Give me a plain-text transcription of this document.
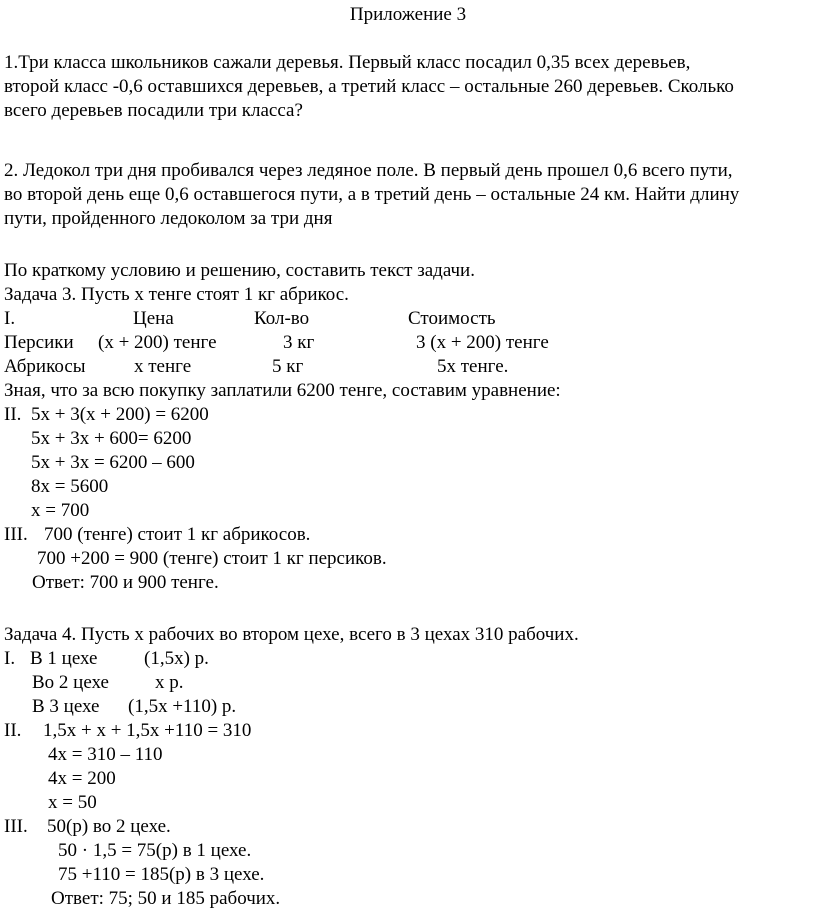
Приложение 3
1.Три класса школьников сажали деревья. Первый класс посадил 0,35 всех деревьев,
второй класс -0,6 оставшихся деревьев, а третий класс – остальные 260 деревьев. Сколько
всего деревьев посадили три класса?
2. Ледокол три дня пробивался через ледяное поле. В первый день прошел 0,6 всего пути,
во второй день еще 0,6 оставшегося пути, а в третий день – остальные 24 км. Найти длину
пути, пройденного ледоколом за три дня
По краткому условию и решению, составить текст задачи.
Задача 3. Пусть х тенге стоят 1 кг абрикос.
I.	Цена	Кол-во	Стоимость
Персики (х + 200) тенге	3 кг	3 (х + 200) тенге
Абрикосы	х тенге	5 кг	5х тенге.
Зная, что за всю покупку заплатили 6200 тенге, составим уравнение:
II. 5х + 3(х + 200) = 6200
5х + 3х + 600= 6200
5х + 3х = 6200 – 600
8х = 5600
х = 700
III. 700 (тенге) стоит 1 кг абрикосов.
700 +200 = 900 (тенге) стоит 1 кг персиков.
Ответ: 700 и 900 тенге.
Задача 4. Пусть х рабочих во втором цехе, всего в 3 цехах 310 рабочих.
I. В 1 цехе (1,5х) р.
Во 2 цехе х р.
В 3 цехе (1,5х +110) р.
II. 1,5х + х + 1,5х +110 = 310
4х = 310 – 110
4х = 200
х = 50
III. 50(р) во 2 цехе.
50 · 1,5 = 75(р) в 1 цехе.
75 +110 = 185(р) в 3 цехе.
Ответ: 75; 50 и 185 рабочих.
